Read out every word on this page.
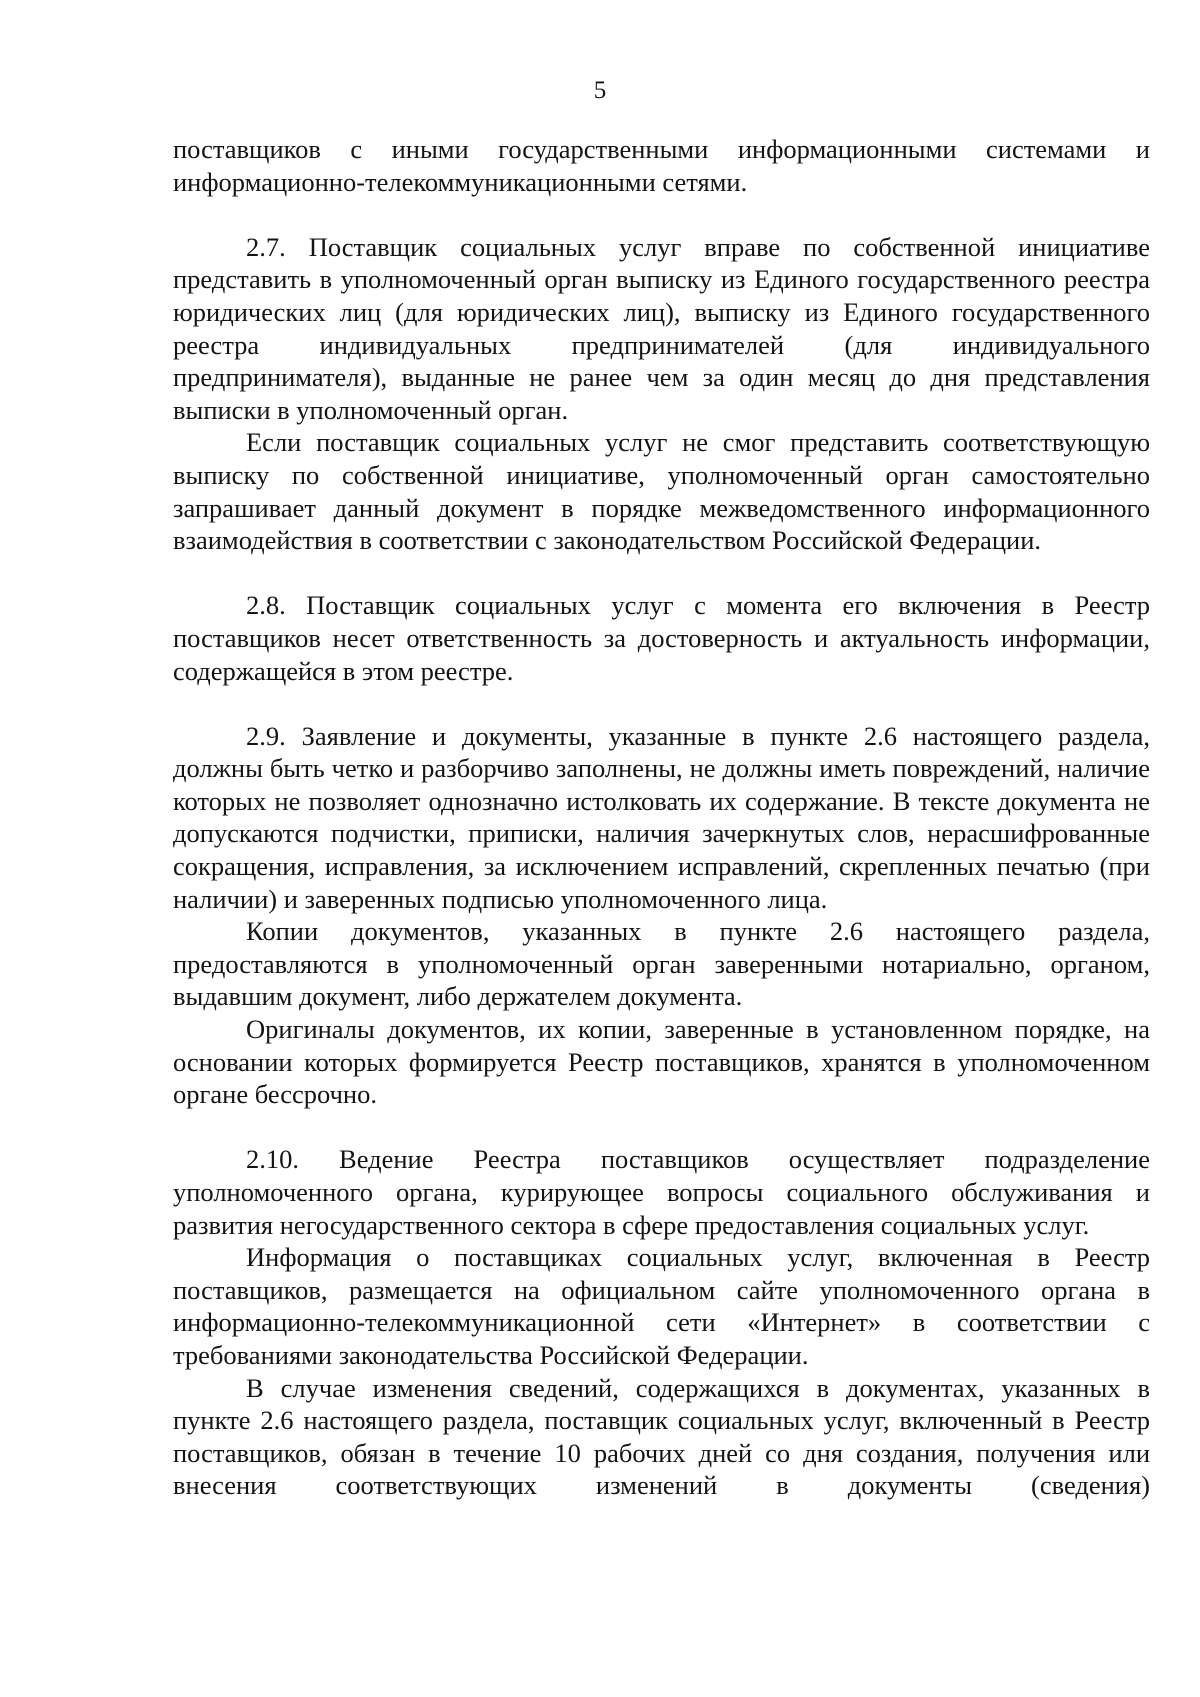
5

поставщиков с иными государственными информационными системами и информационно-телекоммуникационными сетями.

2.7. Поставщик социальных услуг вправе по собственной инициативе представить в уполномоченный орган выписку из Единого государственного реестра юридических лиц (для юридических лиц), выписку из Единого государственного реестра индивидуальных предпринимателей (для индивидуального предпринимателя), выданные не ранее чем за один месяц до дня представления выписки в уполномоченный орган.

Если поставщик социальных услуг не смог представить соответствующую выписку по собственной инициативе, уполномоченный орган самостоятельно запрашивает данный документ в порядке межведомственного информационного взаимодействия в соответствии с законодательством Российской Федерации.

2.8. Поставщик социальных услуг с момента его включения в Реестр поставщиков несет ответственность за достоверность и актуальность информации, содержащейся в этом реестре.

2.9. Заявление и документы, указанные в пункте 2.6 настоящего раздела, должны быть четко и разборчиво заполнены, не должны иметь повреждений, наличие которых не позволяет однозначно истолковать их содержание. В тексте документа не допускаются подчистки, приписки, наличия зачеркнутых слов, нерасшифрованные сокращения, исправления, за исключением исправлений, скрепленных печатью (при наличии) и заверенных подписью уполномоченного лица.

Копии документов, указанных в пункте 2.6 настоящего раздела, предоставляются в уполномоченный орган заверенными нотариально, органом, выдавшим документ, либо держателем документа.

Оригиналы документов, их копии, заверенные в установленном порядке, на основании которых формируется Реестр поставщиков, хранятся в уполномоченном органе бессрочно.

2.10. Ведение Реестра поставщиков осуществляет подразделение уполномоченного органа, курирующее вопросы социального обслуживания и развития негосударственного сектора в сфере предоставления социальных услуг.

Информация о поставщиках социальных услуг, включенная в Реестр поставщиков, размещается на официальном сайте уполномоченного органа в информационно-телекоммуникационной сети «Интернет» в соответствии с требованиями законодательства Российской Федерации.

В случае изменения сведений, содержащихся в документах, указанных в пункте 2.6 настоящего раздела, поставщик социальных услуг, включенный в Реестр поставщиков, обязан в течение 10 рабочих дней со дня создания, получения или внесения соответствующих изменений в документы (сведения)
